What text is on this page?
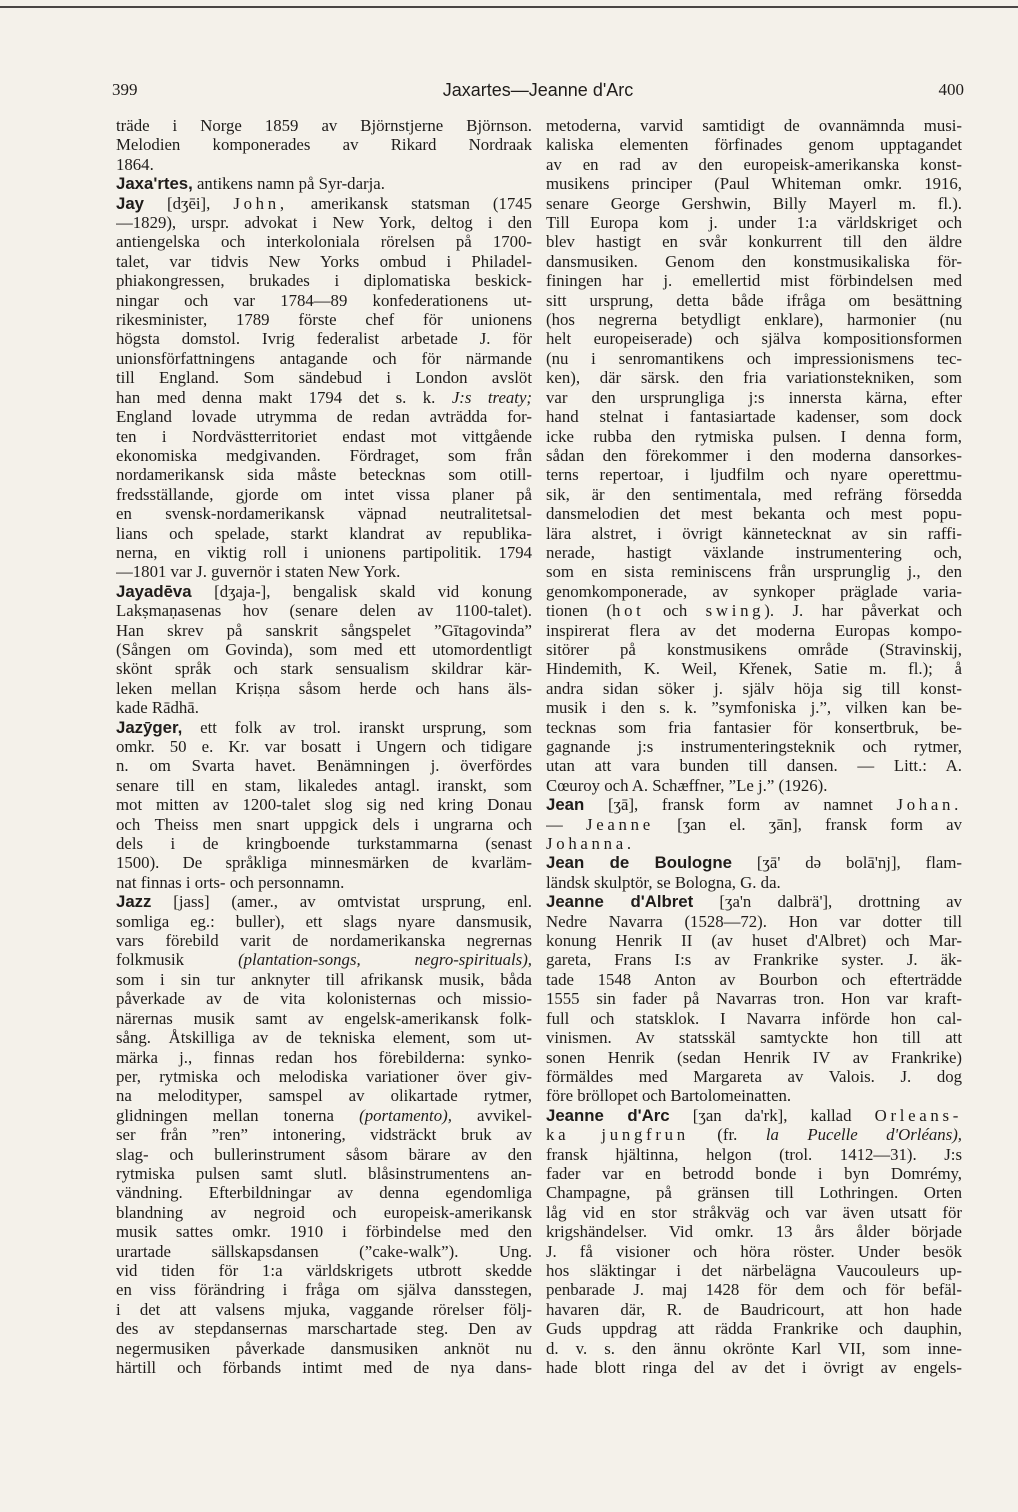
399	Jaxartes—Jeanne d'Arc	400
träde i Norge 1859 av Björnstjerne Björnson.
Melodien komponerades av Rikard Nordraak
1864.
Jaxa'rtes, antikens namn på Syr-darja.
Jay [dʒēi], John, amerikansk statsman (1745
—1829), urspr. advokat i New York, deltog i den
antiengelska och interkoloniala rörelsen på 1700-
talet, var tidvis New Yorks ombud i Philadel-
phiakongressen, brukades i diplomatiska beskick-
ningar och var 1784—89 konfederationens ut-
rikesminister, 1789 förste chef för unionens
högsta domstol. Ivrig federalist arbetade J. för
unionsförfattningens antagande och för närmande
till England. Som sändebud i London avslöt
han med denna makt 1794 det s. k. J:s treaty;
England lovade utrymma de redan avträdda for-
ten i Nordvästterritoriet endast mot vittgående
ekonomiska medgivanden. Fördraget, som från
nordamerikansk sida måste betecknas som otill-
fredsställande, gjorde om intet vissa planer på
en svensk-nordamerikansk väpnad neutralitetsal-
lians och spelade, starkt klandrat av republika-
nerna, en viktig roll i unionens partipolitik. 1794
—1801 var J. guvernör i staten New York.
Jayadēva [dʒaja-], bengalisk skald vid konung
Lakṣmaṇasenas hov (senare delen av 1100-talet).
Han skrev på sanskrit sångspelet ”Gītagovinda”
(Sången om Govinda), som med ett utomordentligt
skönt språk och stark sensualism skildrar kär-
leken mellan Kriṣṇa såsom herde och hans äls-
kade Rādhā.
Jazӯger, ett folk av trol. iranskt ursprung, som
omkr. 50 e. Kr. var bosatt i Ungern och tidigare
n. om Svarta havet. Benämningen j. överfördes
senare till en stam, likaledes antagl. iranskt, som
mot mitten av 1200-talet slog sig ned kring Donau
och Theiss men snart uppgick dels i ungrarna och
dels i de kringboende turkstammarna (senast
1500). De språkliga minnesmärken de kvarläm-
nat finnas i orts- och personnamn.
Jazz [jass] (amer., av omtvistat ursprung, enl.
somliga eg.: buller), ett slags nyare dansmusik,
vars förebild varit de nordamerikanska negrernas
folkmusik	(plantation-songs, negro-spirituals),
som i sin tur anknyter till afrikansk musik, båda
påverkade av de vita kolonisternas och missio-
närernas musik samt av engelsk-amerikansk folk-
sång. Åtskilliga av de tekniska element, som ut-
märka j., finnas redan hos förebilderna: synko-
per, rytmiska och melodiska variationer över giv-
na melodityper, samspel av olikartade rytmer,
glidningen mellan tonerna (portamento), avvikel-
ser från ”ren” intonering, vidsträckt bruk av
slag- och bullerinstrument såsom bärare av den
rytmiska pulsen samt slutl. blåsinstrumentens an-
vändning. Efterbildningar av denna egendomliga
blandning av negroid och europeisk-amerikansk
musik sattes omkr. 1910 i förbindelse med den
urartade sällskapsdansen (”cake-walk”). Ung.
vid tiden för 1:a världskrigets utbrott skedde
en viss förändring i fråga om själva dansstegen,
i det att valsens mjuka, vaggande rörelser följ-
des av stepdansernas marschartade steg. Den av
negermusiken påverkade dansmusiken anknöt nu
härtill och förbands intimt med de nya dans-
metoderna, varvid samtidigt de ovannämnda musi-
kaliska elementen förfinades genom upptagandet
av en rad av den europeisk-amerikanska konst-
musikens principer (Paul Whiteman omkr. 1916,
senare George Gershwin, Billy Mayerl m. fl.).
Till Europa kom j. under 1:a världskriget och
blev hastigt en svår konkurrent till den äldre
dansmusiken. Genom den konstmusikaliska för-
finingen har j. emellertid mist förbindelsen med
sitt ursprung, detta både ifråga om besättning
(hos negrerna betydligt enklare), harmonier (nu
helt europeiserade) och själva kompositionsformen
(nu i senromantikens och impressionismens tec-
ken), där särsk. den fria variationstekniken, som
var den ursprungliga j:s innersta kärna, efter
hand stelnat i fantasiartade kadenser, som dock
icke rubba den rytmiska pulsen. I denna form,
sådan den förekommer i den moderna dansorkes-
terns repertoar, i ljudfilm och nyare operettmu-
sik, är den sentimentala, med refräng försedda
dansmelodien det mest bekanta och mest popu-
lära alstret, i övrigt kännetecknat av sin raffi-
nerade, hastigt växlande instrumentering och,
som en sista reminiscens från ursprunglig j., den
genomkomponerade, av synkoper präglade varia-
tionen (hot och swing). J. har påverkat och
inspirerat flera av det moderna Europas kompo-
sitörer på konstmusikens område (Stravinskij,
Hindemith, K. Weil, Křenek, Satie m. fl.); å
andra sidan söker j. själv höja sig till konst-
musik i den s. k. ”symfoniska j.”, vilken kan be-
tecknas som fria fantasier för konsertbruk, be-
gagnande j:s instrumenteringsteknik och rytmer,
utan att vara bunden till dansen. — Litt.: A.
Cœuroy och A. Schæffner, ”Le j.” (1926).
Jean [ʒā], fransk form av namnet Johan.
— Jeanne [ʒan el. ʒān], fransk form av
Johanna.
Jean de Boulogne [ʒā' də bolā'nj], flam-
ländsk skulptör, se Bologna, G. da.
Jeanne d'Albret [ʒa'n dalbrä'], drottning av
Nedre Navarra (1528—72). Hon var dotter till
konung Henrik II (av huset d'Albret) och Mar-
gareta, Frans I:s av Frankrike syster. J. äk-
tade 1548 Anton av Bourbon och efterträdde
1555 sin fader på Navarras tron. Hon var kraft-
full och statsklok. I Navarra införde hon cal-
vinismen. Av statsskäl samtyckte hon till att
sonen Henrik (sedan Henrik IV av Frankrike)
förmäldes med Margareta av Valois. J. dog
före bröllopet och Bartolomeinatten.
Jeanne d'Arc [ʒan da'rk], kallad Orleans-
ka jungfrun (fr. la Pucelle d'Orléans),
fransk hjältinna, helgon (trol. 1412—31). J:s
fader var en betrodd bonde i byn Domrémy,
Champagne, på gränsen till Lothringen. Orten
låg vid en stor stråkväg och var även utsatt för
krigshändelser. Vid omkr. 13 års ålder började
J. få visioner och höra röster. Under besök
hos släktingar i det närbelägna Vaucouleurs up-
penbarade J. maj 1428 för dem och för befäl-
havaren där, R. de Baudricourt, att hon hade
Guds uppdrag att rädda Frankrike och dauphin,
d. v. s. den ännu okrönte Karl VII, som inne-
hade blott ringa del av det i övrigt av engels-
